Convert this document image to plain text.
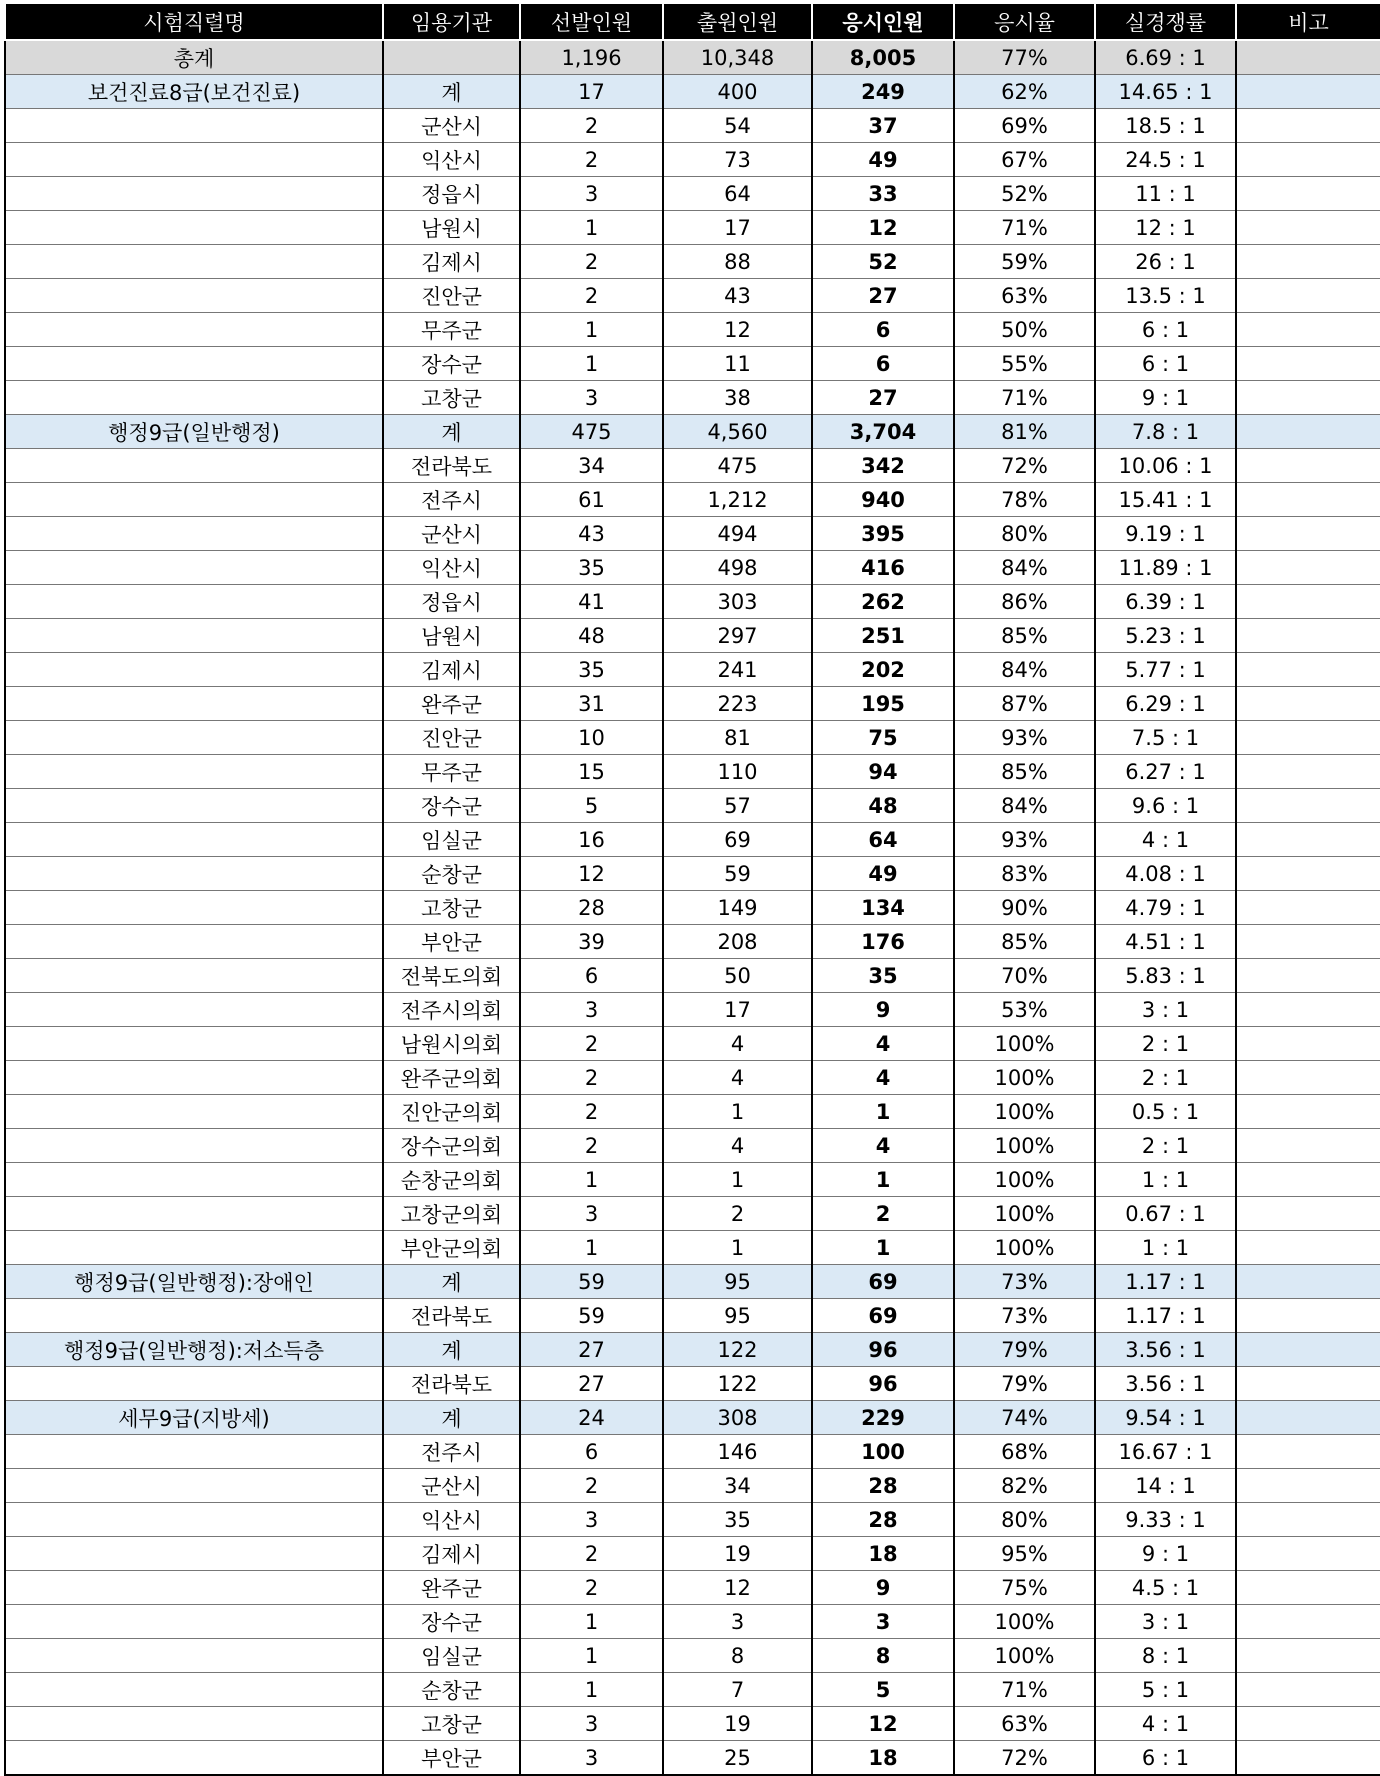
시험직렬명	임용기관	선발인원	출원인원	응시인원	응시율	실경쟁률	비고
총계		1,196	10,348	8,005	77%	6.69 : 1	
보건진료8급(보건진료)	계	17	400	249	62%	14.65 : 1	
	군산시	2	54	37	69%	18.5 : 1	
	익산시	2	73	49	67%	24.5 : 1	
	정읍시	3	64	33	52%	11 : 1	
	남원시	1	17	12	71%	12 : 1	
	김제시	2	88	52	59%	26 : 1	
	진안군	2	43	27	63%	13.5 : 1	
	무주군	1	12	6	50%	6 : 1	
	장수군	1	11	6	55%	6 : 1	
	고창군	3	38	27	71%	9 : 1	
행정9급(일반행정)	계	475	4,560	3,704	81%	7.8 : 1	
	전라북도	34	475	342	72%	10.06 : 1	
	전주시	61	1,212	940	78%	15.41 : 1	
	군산시	43	494	395	80%	9.19 : 1	
	익산시	35	498	416	84%	11.89 : 1	
	정읍시	41	303	262	86%	6.39 : 1	
	남원시	48	297	251	85%	5.23 : 1	
	김제시	35	241	202	84%	5.77 : 1	
	완주군	31	223	195	87%	6.29 : 1	
	진안군	10	81	75	93%	7.5 : 1	
	무주군	15	110	94	85%	6.27 : 1	
	장수군	5	57	48	84%	9.6 : 1	
	임실군	16	69	64	93%	4 : 1	
	순창군	12	59	49	83%	4.08 : 1	
	고창군	28	149	134	90%	4.79 : 1	
	부안군	39	208	176	85%	4.51 : 1	
	전북도의회	6	50	35	70%	5.83 : 1	
	전주시의회	3	17	9	53%	3 : 1	
	남원시의회	2	4	4	100%	2 : 1	
	완주군의회	2	4	4	100%	2 : 1	
	진안군의회	2	1	1	100%	0.5 : 1	
	장수군의회	2	4	4	100%	2 : 1	
	순창군의회	1	1	1	100%	1 : 1	
	고창군의회	3	2	2	100%	0.67 : 1	
	부안군의회	1	1	1	100%	1 : 1	
행정9급(일반행정):장애인	계	59	95	69	73%	1.17 : 1	
	전라북도	59	95	69	73%	1.17 : 1	
행정9급(일반행정):저소득층	계	27	122	96	79%	3.56 : 1	
	전라북도	27	122	96	79%	3.56 : 1	
세무9급(지방세)	계	24	308	229	74%	9.54 : 1	
	전주시	6	146	100	68%	16.67 : 1	
	군산시	2	34	28	82%	14 : 1	
	익산시	3	35	28	80%	9.33 : 1	
	김제시	2	19	18	95%	9 : 1	
	완주군	2	12	9	75%	4.5 : 1	
	장수군	1	3	3	100%	3 : 1	
	임실군	1	8	8	100%	8 : 1	
	순창군	1	7	5	71%	5 : 1	
	고창군	3	19	12	63%	4 : 1	
	부안군	3	25	18	72%	6 : 1	
